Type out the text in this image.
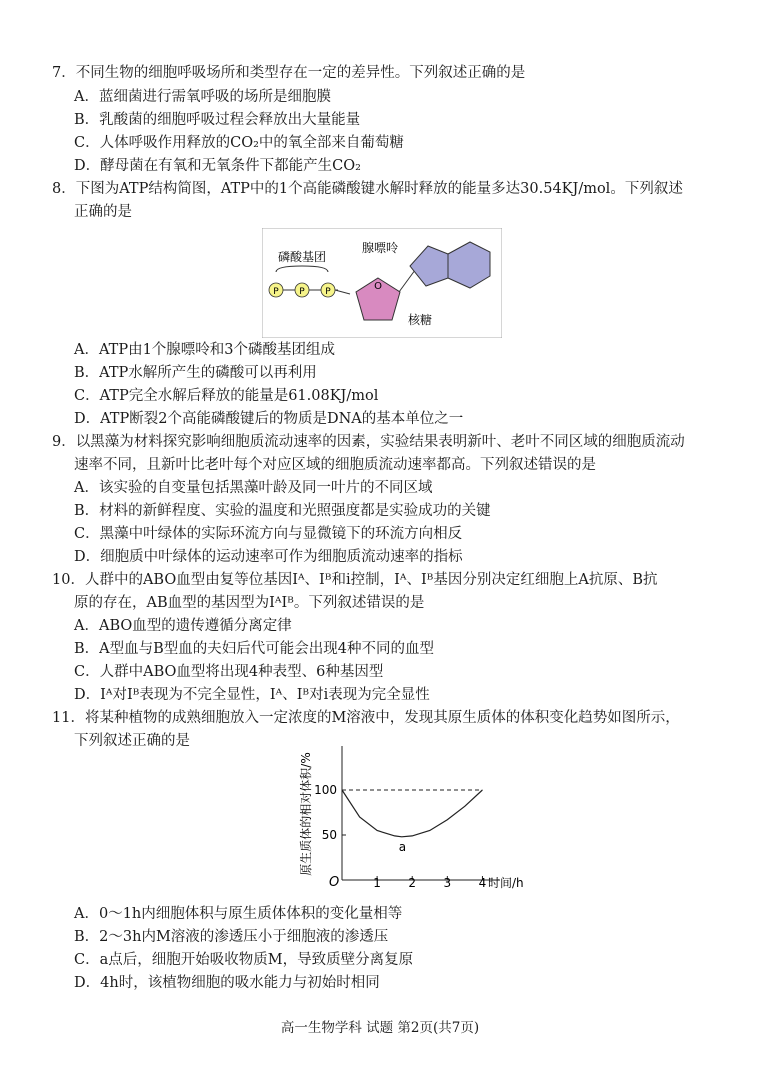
7．不同生物的细胞呼吸场所和类型存在一定的差异性。下列叙述正确的是
A．蓝细菌进行需氧呼吸的场所是细胞膜
B．乳酸菌的细胞呼吸过程会释放出大量能量
C．人体呼吸作用释放的CO₂中的氧全部来自葡萄糖
D．酵母菌在有氧和无氧条件下都能产生CO₂
8．下图为ATP结构简图，ATP中的1个高能磷酸键水解时释放的能量多达30.54KJ/mol。下列叙述
正确的是
磷酸基团
P P P	O
腺嘌呤
核糖
A．ATP由1个腺嘌呤和3个磷酸基团组成
B．ATP水解所产生的磷酸可以再利用
C．ATP完全水解后释放的能量是61.08KJ/mol
D．ATP断裂2个高能磷酸键后的物质是DNA的基本单位之一
9．以黑藻为材料探究影响细胞质流动速率的因素，实验结果表明新叶、老叶不同区域的细胞质流动
速率不同，且新叶比老叶每个对应区域的细胞质流动速率都高。下列叙述错误的是
A．该实验的自变量包括黑藻叶龄及同一叶片的不同区域
B．材料的新鲜程度、实验的温度和光照强度都是实验成功的关键
C．黑藻中叶绿体的实际环流方向与显微镜下的环流方向相反
D．细胞质中叶绿体的运动速率可作为细胞质流动速率的指标
10．人群中的ABO血型由复等位基因Iᴬ、Iᴮ和i控制，Iᴬ、Iᴮ基因分别决定红细胞上A抗原、B抗
原的存在，AB血型的基因型为IᴬIᴮ。下列叙述错误的是
A．ABO血型的遗传遵循分离定律
B．A型血与B型血的夫妇后代可能会出现4种不同的血型
C．人群中ABO血型将出现4种表型、6种基因型
D．Iᴬ对Iᴮ表现为不完全显性，Iᴬ、Iᴮ对i表现为完全显性
11．将某种植物的成熟细胞放入一定浓度的M溶液中，发现其原生质体的体积变化趋势如图所示，
下列叙述正确的是
1 2 3 4
50
100
原生质体的相对体积/%
时间/h
O
a
A．0～1h内细胞体积与原生质体体积的变化量相等
B．2～3h内M溶液的渗透压小于细胞液的渗透压
C．a点后，细胞开始吸收物质M，导致质壁分离复原
D．4h时，该植物细胞的吸水能力与初始时相同
高一生物学科 试题 第2页(共7页)
